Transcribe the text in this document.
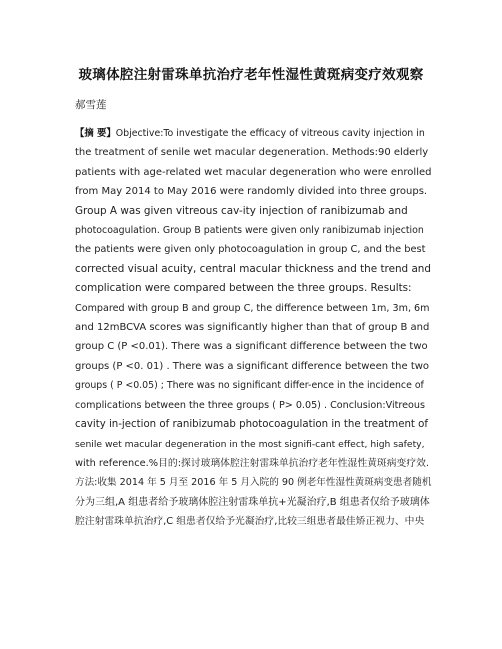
玻璃体腔注射雷珠单抗治疗老年性湿性黄斑病变疗效观察
郝雪莲
【摘 要】Objective:To investigate the efficacy of vitreous cavity injection in
the treatment of senile wet macular degeneration. Methods:90 elderly
patients with age-related wet macular degeneration who were enrolled
from May 2014 to May 2016 were randomly divided into three groups.
Group A was given vitreous cav-ity injection of ranibizumab and
photocoagulation. Group B patients were given only ranibizumab injection
the patients were given only photocoagulation in group C, and the best
corrected visual acuity, central macular thickness and the trend and
complication were compared between the three groups. Results:
Compared with group B and group C, the difference between 1m, 3m, 6m
and 12mBCVA scores was significantly higher than that of group B and
group C (P <0.01). There was a significant difference between the two
groups (P <0. 01) . There was a significant difference between the two
groups ( P <0.05) ; There was no significant differ-ence in the incidence of
complications between the three groups ( P> 0.05) . Conclusion:Vitreous
cavity in-jection of ranibizumab photocoagulation in the treatment of
senile wet macular degeneration in the most signifi-cant effect, high safety,
with reference.%目的:探讨玻璃体腔注射雷珠单抗治疗老年性湿性黄斑病变疗效.
方法:收集 2014 年 5 月至 2016 年 5 月入院的 90 例老年性湿性黄斑病变患者随机
分为三组,A 组患者给予玻璃体腔注射雷珠单抗+光凝治疗,B 组患者仅给予玻璃体
腔注射雷珠单抗治疗,C 组患者仅给予光凝治疗,比较三组患者最佳矫正视力、中央
